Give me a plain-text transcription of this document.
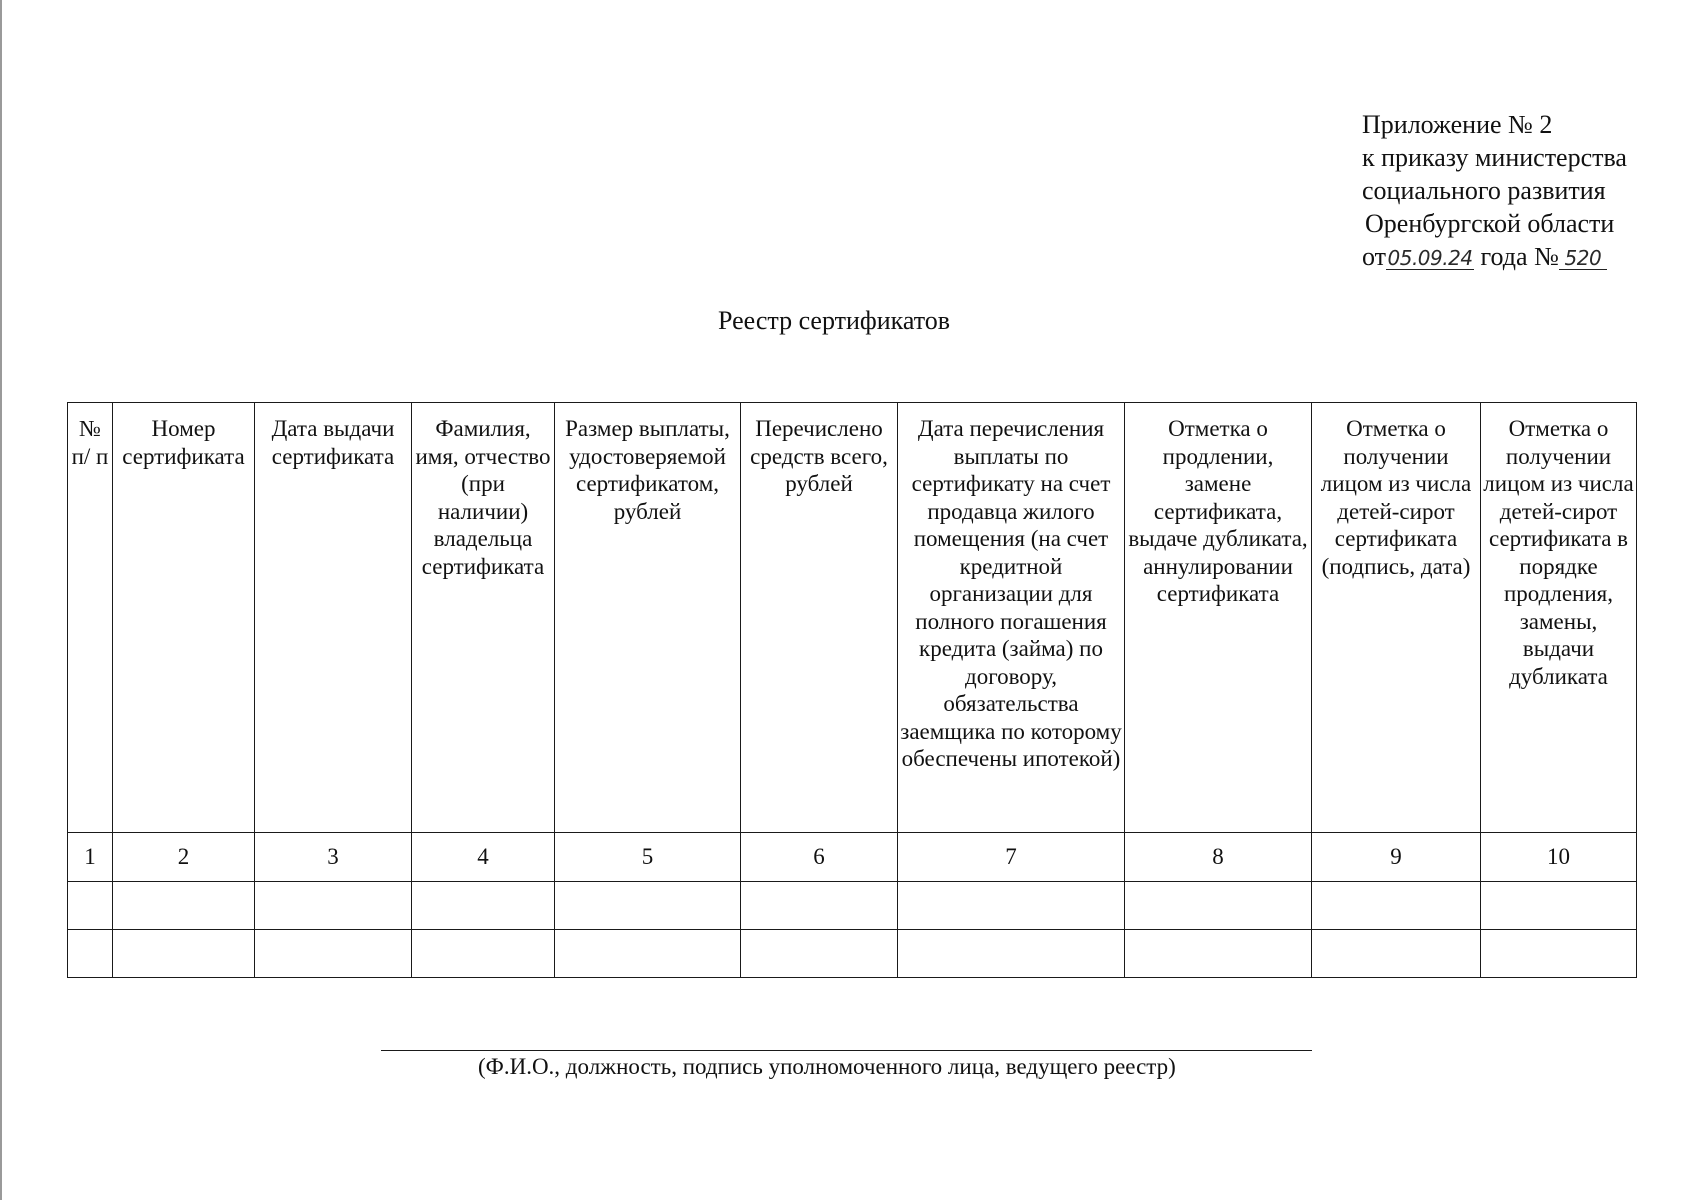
Приложение № 2
к приказу министерства
социального развития
Оренбургской области
от05.09.24 года № 520
Реестр сертификатов
№ п/ п	Номер сертификата	Дата выдачи сертификата	Фамилия, имя, отчество (при наличии) владельца сертификата	Размер выплаты, удостоверяемой сертификатом, рублей	Перечислено средств всего, рублей	Дата перечисления выплаты по сертификату на счет продавца жилого помещения (на счет кредитной организации для полного погашения кредита (займа) по договору, обязательства заемщика по которому обеспечены ипотекой)	Отметка о продлении, замене сертификата, выдаче дубликата, аннулировании сертификата	Отметка о получении лицом из числа детей-сирот сертификата (подпись, дата)	Отметка о получении лицом из числа детей-сирот сертификата в порядке продления, замены, выдачи дубликата
1	2	3	4	5	6	7	8	9	10

(Ф.И.О., должность, подпись уполномоченного лица, ведущего реестр)
